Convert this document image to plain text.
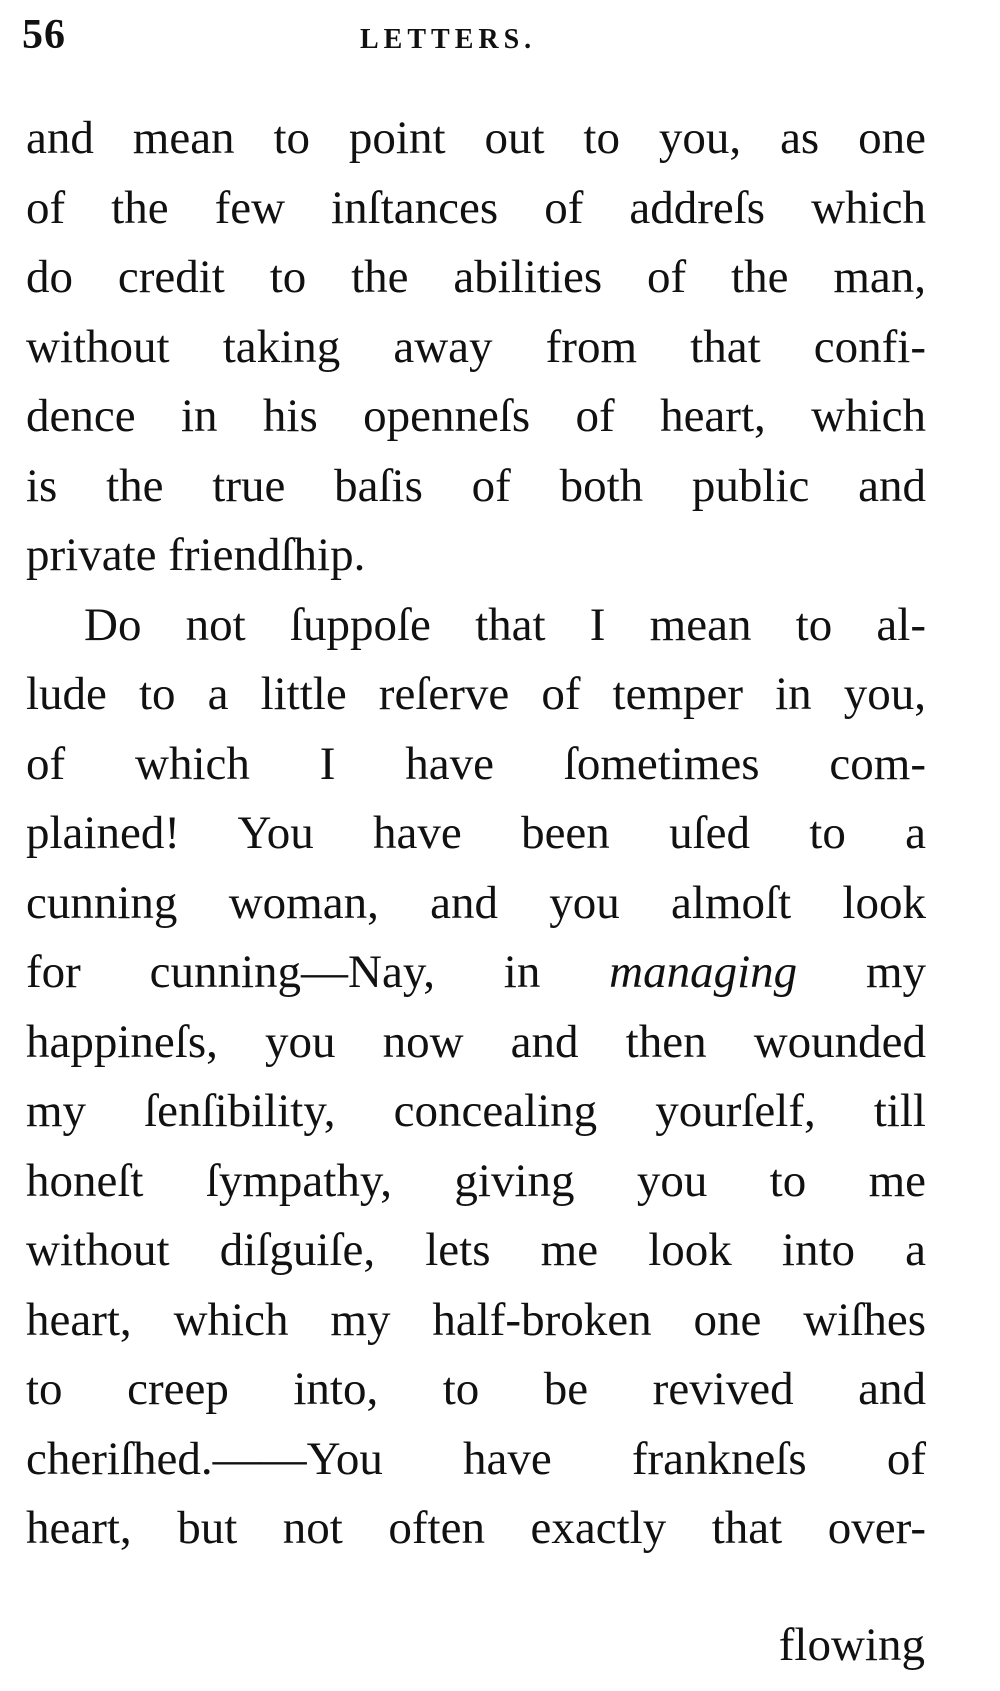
56	LETTERS.
and mean to point out to you, as one
of the few inſtances of addreſs which
do credit to the abilities of the man,
without taking away from that confi-
dence in his openneſs of heart, which
is the true baſis of both public and
private friendſhip.
Do not ſuppoſe that I mean to al-
lude to a little reſerve of temper in you,
of which I have ſometimes com-
plained! You have been uſed to a
cunning woman, and you almoſt look
for cunning—Nay, in managing my
happineſs, you now and then wounded
my ſenſibility, concealing yourſelf, till
honeſt ſympathy, giving you to me
without diſguiſe, lets me look into a
heart, which my half-broken one wiſhes
to creep into, to be revived and
cheriſhed.——You have frankneſs of
heart, but not often exactly that over-
flowing
